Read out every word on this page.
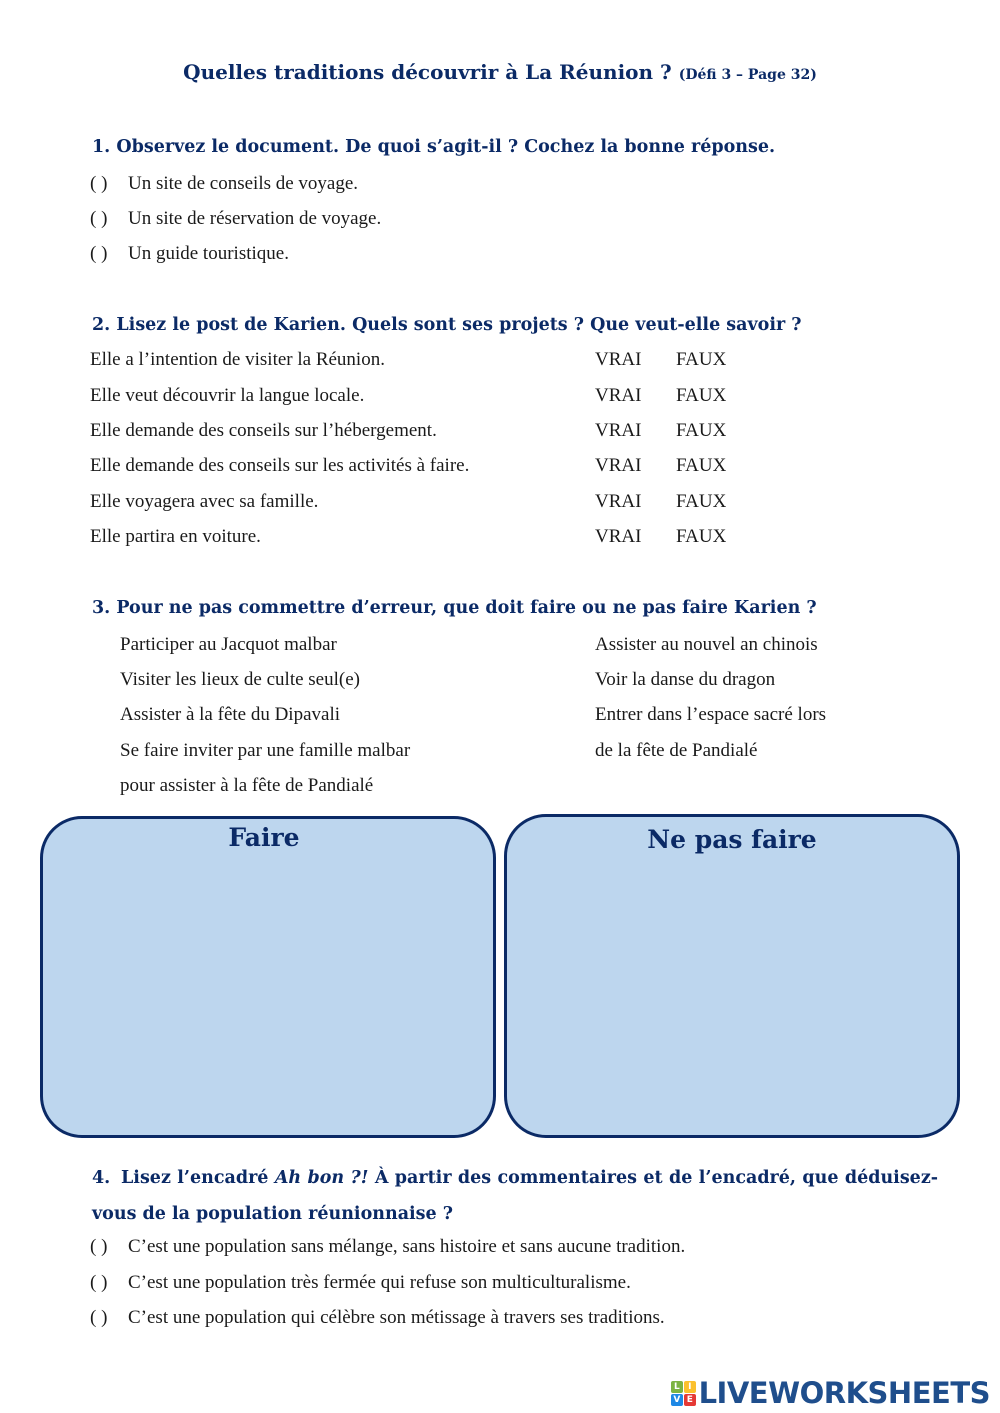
Quelles traditions découvrir à La Réunion ? (Défi 3 – Page 32)
1. Observez le document. De quoi s’agit-il ? Cochez la bonne réponse.
( ) Un site de conseils de voyage.
( ) Un site de réservation de voyage.
( ) Un guide touristique.
2. Lisez le post de Karien. Quels sont ses projets ? Que veut-elle savoir ?
Elle a l’intention de visiter la Réunion.	VRAI FAUX
Elle veut découvrir la langue locale.	VRAI FAUX
Elle demande des conseils sur l’hébergement.	VRAI FAUX
Elle demande des conseils sur les activités à faire.	VRAI FAUX
Elle voyagera avec sa famille.	VRAI FAUX
Elle partira en voiture.	VRAI FAUX
3. Pour ne pas commettre d’erreur, que doit faire ou ne pas faire Karien ?
Participer au Jacquot malbar
Visiter les lieux de culte seul(e)
Assister à la fête du Dipavali
Se faire inviter par une famille malbar
pour assister à la fête de Pandialé
Assister au nouvel an chinois
Voir la danse du dragon
Entrer dans l’espace sacré lors
de la fête de Pandialé
Faire	Ne pas faire
4. Lisez l’encadré Ah bon ?! À partir des commentaires et de l’encadré, que déduisez-vous de la population réunionnaise ?
( ) C’est une population sans mélange, sans histoire et sans aucune tradition.
( ) C’est une population très fermée qui refuse son multiculturalisme.
( ) C’est une population qui célèbre son métissage à travers ses traditions.
L I
V E LIVEWORKSHEETS
